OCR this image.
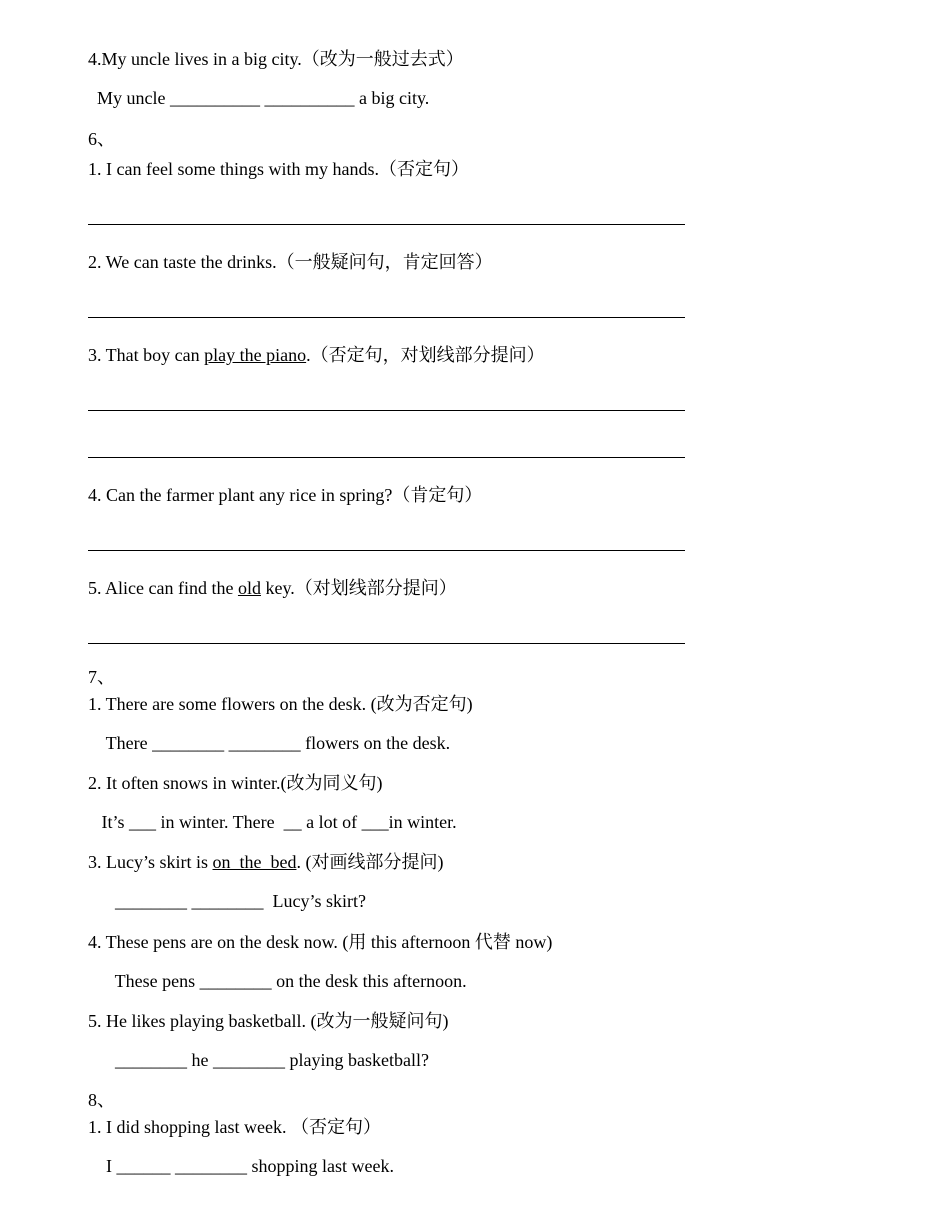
4.My uncle lives in a big city.（改为一般过去式）
My uncle __________ __________ a big city.
6、
1. I can feel some things with my hands.（否定句）
2. We can taste the drinks.（一般疑问句，肯定回答）
3. That boy can play the piano.（否定句，对划线部分提问）
4. Can the farmer plant any rice in spring?（肯定句）
5. Alice can find the old key.（对划线部分提问）
7、
1. There are some flowers on the desk. (改为否定句)
There ________ ________ flowers on the desk.
2. It often snows in winter.(改为同义句)
It’s ___ in winter. There  __ a lot of ___in winter.
3. Lucy’s skirt is on  the  bed. (对画线部分提问)
________ ________  Lucy’s skirt?
4. These pens are on the desk now. (用 this afternoon 代替 now)
These pens ________ on the desk this afternoon.
5. He likes playing basketball. (改为一般疑问句)
________ he ________ playing basketball?
8、
1. I did shopping last week. （否定句）
I ______ ________ shopping last week.
